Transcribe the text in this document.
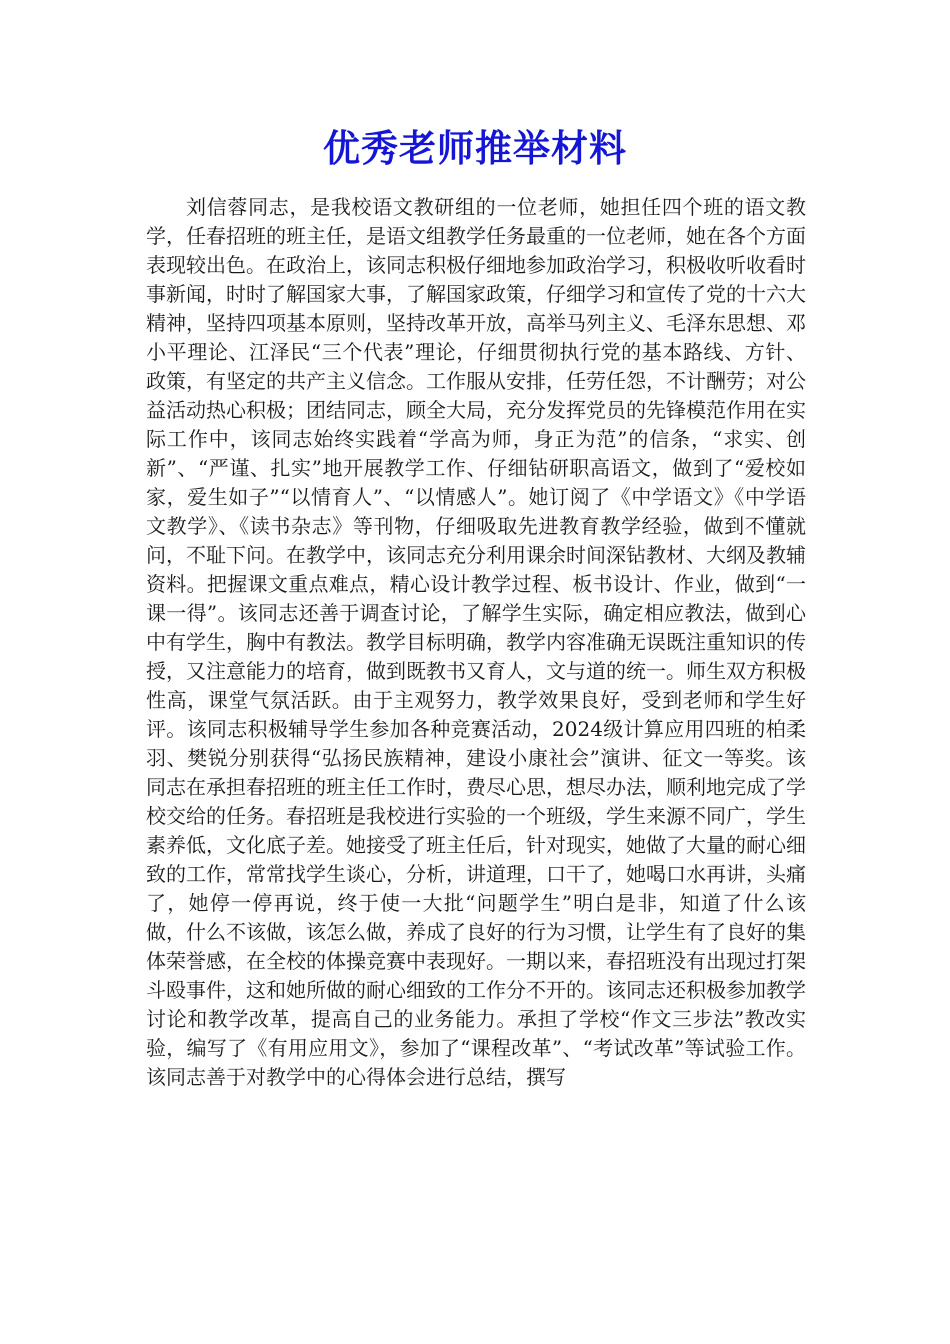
优秀老师推举材料

刘信蓉同志，是我校语文教研组的一位老师，她担任四个班的语文教学，任春招班的班主任，是语文组教学任务最重的一位老师，她在各个方面表现较出色。在政治上，该同志积极仔细地参加政治学习，积极收听收看时事新闻，时时了解国家大事，了解国家政策，仔细学习和宣传了党的十六大精神，坚持四项基本原则，坚持改革开放，高举马列主义、毛泽东思想、邓小平理论、江泽民“三个代表”理论，仔细贯彻执行党的基本路线、方针、政策，有坚定的共产主义信念。工作服从安排，任劳任怨，不计酬劳；对公益活动热心积极；团结同志，顾全大局，充分发挥党员的先锋模范作用在实际工作中，该同志始终实践着“学高为师，身正为范”的信条，“求实、创新”、“严谨、扎实”地开展教学工作、仔细钻研职高语文，做到了“爱校如家，爱生如子”“以情育人”、“以情感人”。她订阅了《中学语文》《中学语文教学》、《读书杂志》等刊物，仔细吸取先进教育教学经验，做到不懂就问，不耻下问。在教学中，该同志充分利用课余时间深钻教材、大纲及教辅资料。把握课文重点难点，精心设计教学过程、板书设计、作业，做到“一课一得”。该同志还善于调查讨论，了解学生实际，确定相应教法，做到心中有学生，胸中有教法。教学目标明确，教学内容准确无误既注重知识的传授，又注意能力的培育，做到既教书又育人，文与道的统一。师生双方积极性高，课堂气氛活跃。由于主观努力，教学效果良好，受到老师和学生好评。该同志积极辅导学生参加各种竞赛活动，2024级计算应用四班的柏柔羽、樊锐分别获得“弘扬民族精神，建设小康社会”演讲、征文一等奖。该同志在承担春招班的班主任工作时，费尽心思，想尽办法，顺利地完成了学校交给的任务。春招班是我校进行实验的一个班级，学生来源不同广，学生素养低，文化底子差。她接受了班主任后，针对现实，她做了大量的耐心细致的工作，常常找学生谈心，分析，讲道理，口干了，她喝口水再讲，头痛了，她停一停再说，终于使一大批“问题学生”明白是非，知道了什么该做，什么不该做，该怎么做，养成了良好的行为习惯，让学生有了良好的集体荣誉感，在全校的体操竞赛中表现好。一期以来，春招班没有出现过打架斗殴事件，这和她所做的耐心细致的工作分不开的。该同志还积极参加教学讨论和教学改革，提高自己的业务能力。承担了学校“作文三步法”教改实验，编写了《有用应用文》，参加了“课程改革”、“考试改革”等试验工作。该同志善于对教学中的心得体会进行总结，撰写
